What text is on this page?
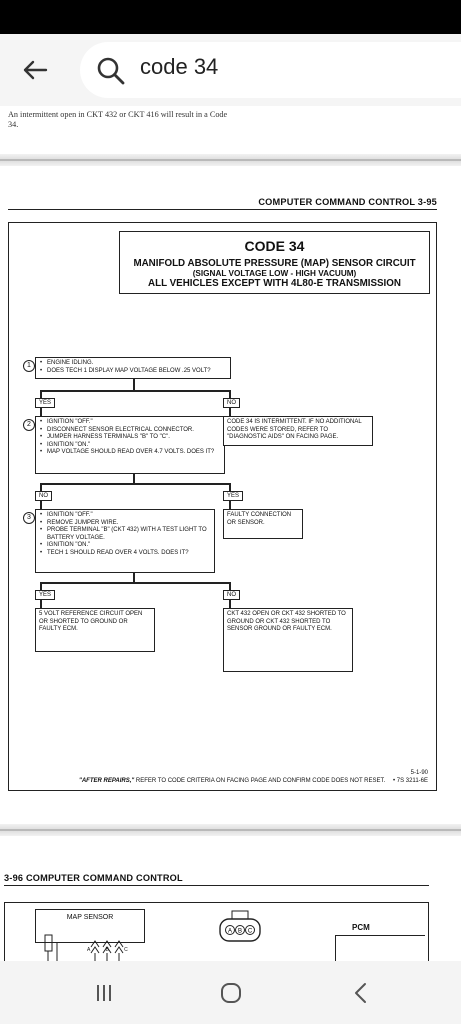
code 34
An intermittent open in CKT 432 or CKT 416 will result in a Code 34.
COMPUTER COMMAND CONTROL 3-95
CODE 34
MANIFOLD ABSOLUTE PRESSURE (MAP) SENSOR CIRCUIT
(SIGNAL VOLTAGE LOW - HIGH VACUUM)
ALL VEHICLES EXCEPT WITH 4L80-E TRANSMISSION
1	• ENGINE IDLING.
• DOES TECH 1 DISPLAY MAP VOLTAGE BELOW .25 VOLT?
YES	NO
2	• IGNITION "OFF."
• DISCONNECT SENSOR ELECTRICAL CONNECTOR.
• JUMPER HARNESS TERMINALS "B" TO "C".
• IGNITION "ON."
• MAP VOLTAGE SHOULD READ OVER 4.7 VOLTS. DOES IT?
CODE 34 IS INTERMITTENT. IF NO ADDITIONAL CODES WERE STORED, REFER TO "DIAGNOSTIC AIDS" ON FACING PAGE.
NO	YES
3	• IGNITION "OFF."
• REMOVE JUMPER WIRE.
• PROBE TERMINAL "B" (CKT 432) WITH A TEST LIGHT TO BATTERY VOLTAGE.
• IGNITION "ON."
• TECH 1 SHOULD READ OVER 4 VOLTS. DOES IT?
FAULTY CONNECTION OR SENSOR.
YES	NO
5 VOLT REFERENCE CIRCUIT OPEN OR SHORTED TO GROUND OR FAULTY ECM.
CKT 432 OPEN OR CKT 432 SHORTED TO GROUND OR CKT 432 SHORTED TO SENSOR GROUND OR FAULTY ECM.
"AFTER REPAIRS," REFER TO CODE CRITERIA ON FACING PAGE AND CONFIRM CODE DOES NOT RESET.
5-1-90
• 7S 3211-6E
3-96 COMPUTER COMMAND CONTROL
MAP SENSOR
A B C
A B C	PCM
